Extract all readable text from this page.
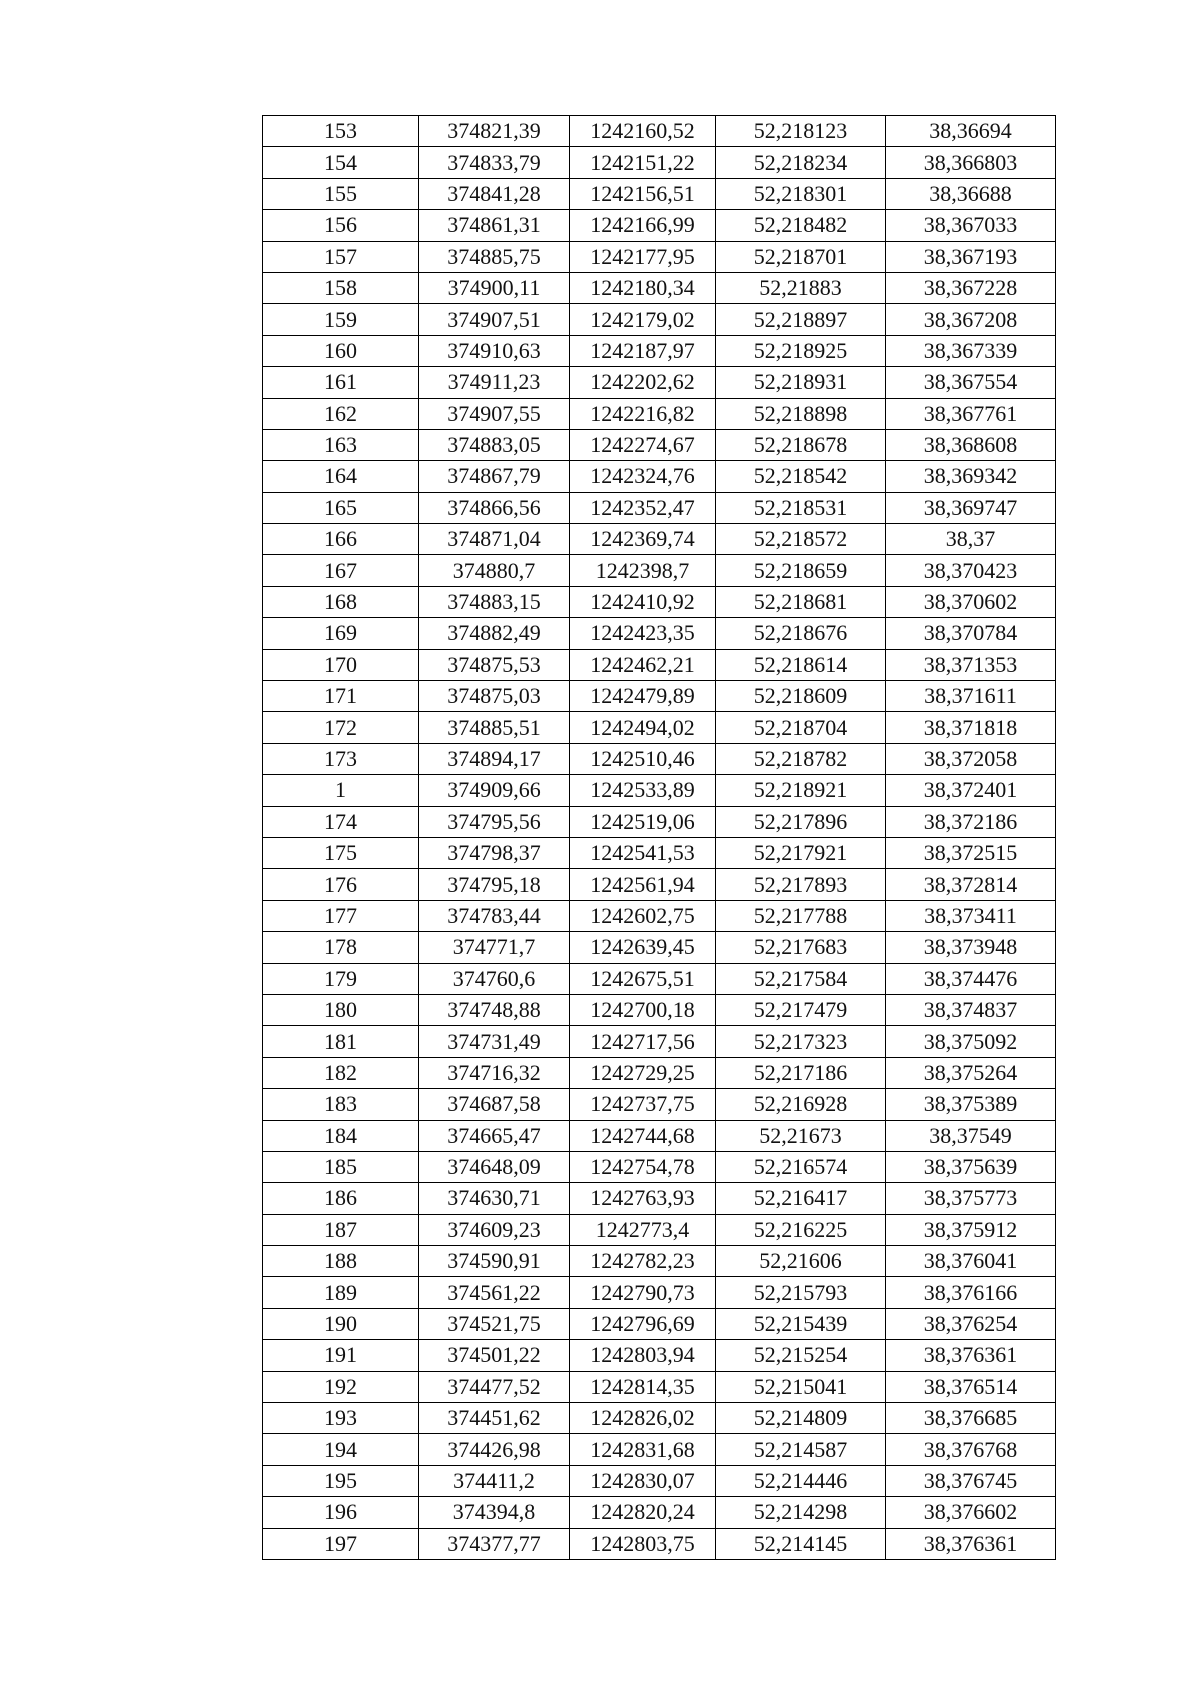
153	374821,39	1242160,52	52,218123	38,36694
154	374833,79	1242151,22	52,218234	38,366803
155	374841,28	1242156,51	52,218301	38,36688
156	374861,31	1242166,99	52,218482	38,367033
157	374885,75	1242177,95	52,218701	38,367193
158	374900,11	1242180,34	52,21883	38,367228
159	374907,51	1242179,02	52,218897	38,367208
160	374910,63	1242187,97	52,218925	38,367339
161	374911,23	1242202,62	52,218931	38,367554
162	374907,55	1242216,82	52,218898	38,367761
163	374883,05	1242274,67	52,218678	38,368608
164	374867,79	1242324,76	52,218542	38,369342
165	374866,56	1242352,47	52,218531	38,369747
166	374871,04	1242369,74	52,218572	38,37
167	374880,7	1242398,7	52,218659	38,370423
168	374883,15	1242410,92	52,218681	38,370602
169	374882,49	1242423,35	52,218676	38,370784
170	374875,53	1242462,21	52,218614	38,371353
171	374875,03	1242479,89	52,218609	38,371611
172	374885,51	1242494,02	52,218704	38,371818
173	374894,17	1242510,46	52,218782	38,372058
1	374909,66	1242533,89	52,218921	38,372401
174	374795,56	1242519,06	52,217896	38,372186
175	374798,37	1242541,53	52,217921	38,372515
176	374795,18	1242561,94	52,217893	38,372814
177	374783,44	1242602,75	52,217788	38,373411
178	374771,7	1242639,45	52,217683	38,373948
179	374760,6	1242675,51	52,217584	38,374476
180	374748,88	1242700,18	52,217479	38,374837
181	374731,49	1242717,56	52,217323	38,375092
182	374716,32	1242729,25	52,217186	38,375264
183	374687,58	1242737,75	52,216928	38,375389
184	374665,47	1242744,68	52,21673	38,37549
185	374648,09	1242754,78	52,216574	38,375639
186	374630,71	1242763,93	52,216417	38,375773
187	374609,23	1242773,4	52,216225	38,375912
188	374590,91	1242782,23	52,21606	38,376041
189	374561,22	1242790,73	52,215793	38,376166
190	374521,75	1242796,69	52,215439	38,376254
191	374501,22	1242803,94	52,215254	38,376361
192	374477,52	1242814,35	52,215041	38,376514
193	374451,62	1242826,02	52,214809	38,376685
194	374426,98	1242831,68	52,214587	38,376768
195	374411,2	1242830,07	52,214446	38,376745
196	374394,8	1242820,24	52,214298	38,376602
197	374377,77	1242803,75	52,214145	38,376361
